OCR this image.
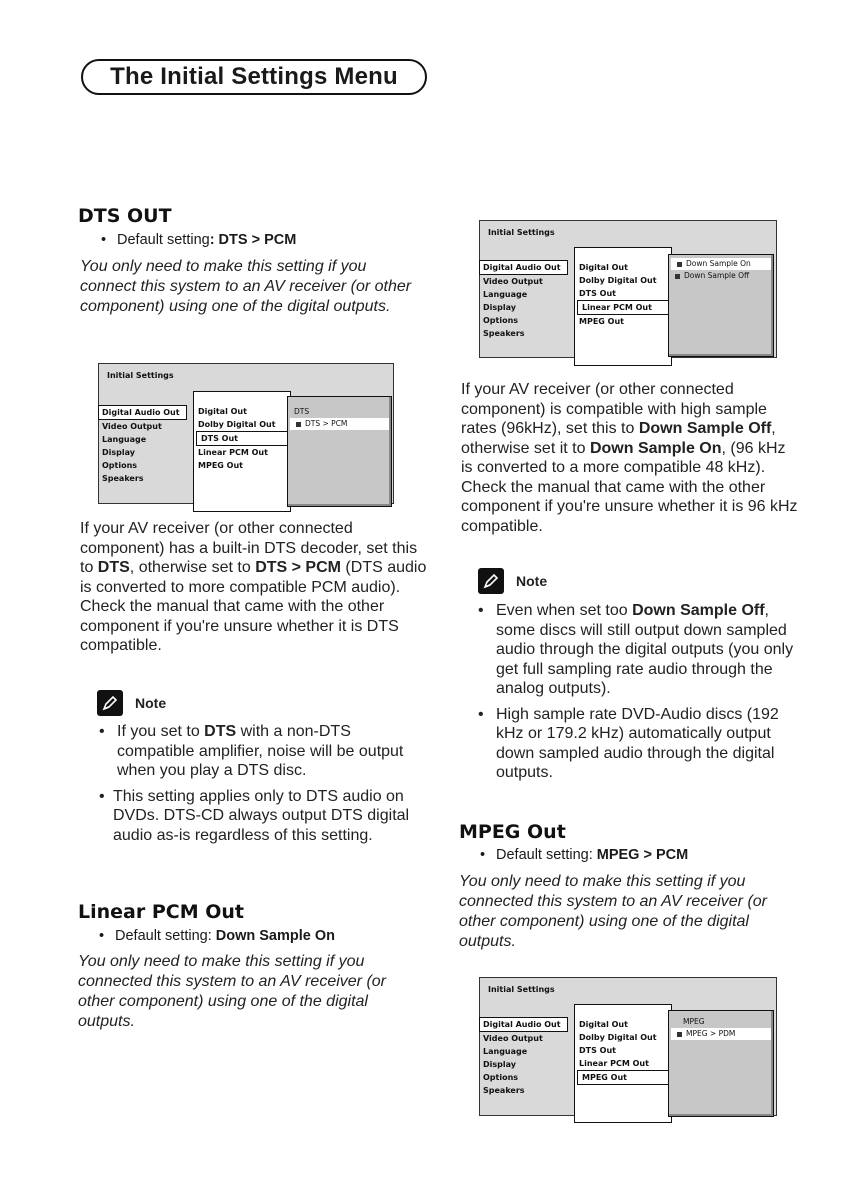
The Initial Settings Menu
DTS OUT
• Default setting: DTS > PCM
You only need to make this setting if you connect this system to an AV receiver (or other component) using one of the digital outputs.
Initial Settings
Digital Audio Out
Video Output
Language
Display
Options
Speakers
Digital Out
Dolby Digital Out
DTS Out
Linear PCM Out
MPEG Out
DTS
DTS > PCM
If your AV receiver (or other connected component) has a built-in DTS decoder, set this to DTS, otherwise set to DTS > PCM (DTS audio is converted to more compatible PCM audio). Check the manual that came with the other component if you're unsure whether it is DTS compatible.
Note
• If you set to DTS with a non-DTS compatible amplifier, noise will be output when you play a DTS disc.
• This setting applies only to DTS audio on DVDs. DTS-CD always output DTS digital audio as-is regardless of this setting.
Linear PCM Out
• Default setting: Down Sample On
You only need to make this setting if you connected this system to an AV receiver (or other component) using one of the digital outputs.
Initial Settings
Digital Audio Out
Video Output
Language
Display
Options
Speakers
Digital Out
Dolby Digital Out
DTS Out
Linear PCM Out
MPEG Out
Down Sample On
Down Sample Off
If your AV receiver (or other connected component) is compatible with high sample rates (96kHz), set this to Down Sample Off, otherwise set it to Down Sample On, (96 kHz is converted to a more compatible 48 kHz). Check the manual that came with the other component if you're unsure whether it is 96 kHz compatible.
Note
• Even when set too Down Sample Off, some discs will still output down sampled audio through the digital outputs (you only get full sampling rate audio through the analog outputs).
• High sample rate DVD-Audio discs (192 kHz or 179.2 kHz) automatically output down sampled audio through the digital outputs.
MPEG Out
• Default setting: MPEG > PCM
You only need to make this setting if you connected this system to an AV receiver (or other component) using one of the digital outputs.
Initial Settings
Digital Audio Out
Video Output
Language
Display
Options
Speakers
Digital Out
Dolby Digital Out
DTS Out
Linear PCM Out
MPEG Out
MPEG
MPEG > PDM
